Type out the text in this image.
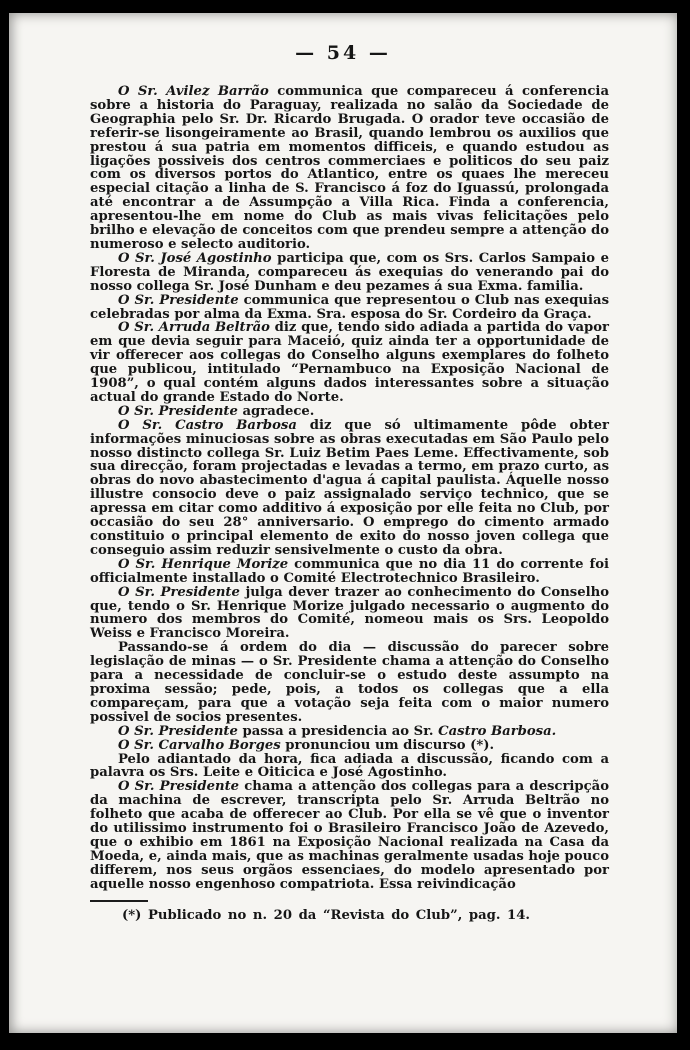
— 54 —

O Sr. Avilez Barrão communica que compareceu á conferencia sobre a historia do Paraguay, realizada no salão da Sociedade de Geographia pelo Sr. Dr. Ricardo Brugada. O orador teve occasião de referir-se lisongeiramente ao Brasil, quando lembrou os auxilios que prestou á sua patria em momentos difficeis, e quando estudou as ligações possiveis dos centros commerciaes e politicos do seu paiz com os diversos portos do Atlantico, entre os quaes lhe mereceu especial citação a linha de S. Francisco á foz do Iguassú, prolongada até encontrar a de Assumpção a Villa Rica. Finda a conferencia, apresentou-lhe em nome do Club as mais vivas felicitações pelo brilho e elevação de conceitos com que prendeu sempre a attenção do numeroso e selecto auditorio.

O Sr. José Agostinho participa que, com os Srs. Carlos Sampaio e Floresta de Miranda, compareceu ás exequias do venerando pai do nosso collega Sr. José Dunham e deu pezames á sua Exma. familia.

O Sr. Presidente communica que representou o Club nas exequias celebradas por alma da Exma. Sra. esposa do Sr. Cordeiro da Graça.

O Sr. Arruda Beltrão diz que, tendo sido adiada a partida do vapor em que devia seguir para Maceió, quiz ainda ter a opportunidade de vir offerecer aos collegas do Conselho alguns exemplares do folheto que publicou, intitulado “Pernambuco na Exposição Nacional de 1908”, o qual contém alguns dados interessantes sobre a situação actual do grande Estado do Norte.

O Sr. Presidente agradece.

O Sr. Castro Barbosa diz que só ultimamente pôde obter informações minuciosas sobre as obras executadas em São Paulo pelo nosso distincto collega Sr. Luiz Betim Paes Leme. Effectivamente, sob sua direcção, foram projectadas e levadas a termo, em prazo curto, as obras do novo abastecimento d'agua á capital paulista. Áquelle nosso illustre consocio deve o paiz assignalado serviço technico, que se apressa em citar como additivo á exposição por elle feita no Club, por occasião do seu 28° anniversario. O emprego do cimento armado constituio o principal elemento de exito do nosso joven collega que conseguio assim reduzir sensivelmente o custo da obra.

O Sr. Henrique Morize communica que no dia 11 do corrente foi officialmente installado o Comité Electrotechnico Brasileiro.

O Sr. Presidente julga dever trazer ao conhecimento do Conselho que, tendo o Sr. Henrique Morize julgado necessario o augmento do numero dos membros do Comité, nomeou mais os Srs. Leopoldo Weiss e Francisco Moreira.

Passando-se á ordem do dia — discussão do parecer sobre legislação de minas — o Sr. Presidente chama a attenção do Conselho para a necessidade de concluir-se o estudo deste assumpto na proxima sessão; pede, pois, a todos os collegas que a ella compareçam, para que a votação seja feita com o maior numero possivel de socios presentes.

O Sr. Presidente passa a presidencia ao Sr. Castro Barbosa.

O Sr. Carvalho Borges pronunciou um discurso (*).

Pelo adiantado da hora, fica adiada a discussão, ficando com a palavra os Srs. Leite e Oiticica e José Agostinho.

O Sr. Presidente chama a attenção dos collegas para a descripção da machina de escrever, transcripta pelo Sr. Arruda Beltrão no folheto que acaba de offerecer ao Club. Por ella se vê que o inventor do utilissimo instrumento foi o Brasileiro Francisco João de Azevedo, que o exhibio em 1861 na Exposição Nacional realizada na Casa da Moeda, e, ainda mais, que as machinas geralmente usadas hoje pouco differem, nos seus orgãos essenciaes, do modelo apresentado por aquelle nosso engenhoso compatriota. Essa reivindicação

(*) Publicado no n. 20 da “Revista do Club”, pag. 14.
